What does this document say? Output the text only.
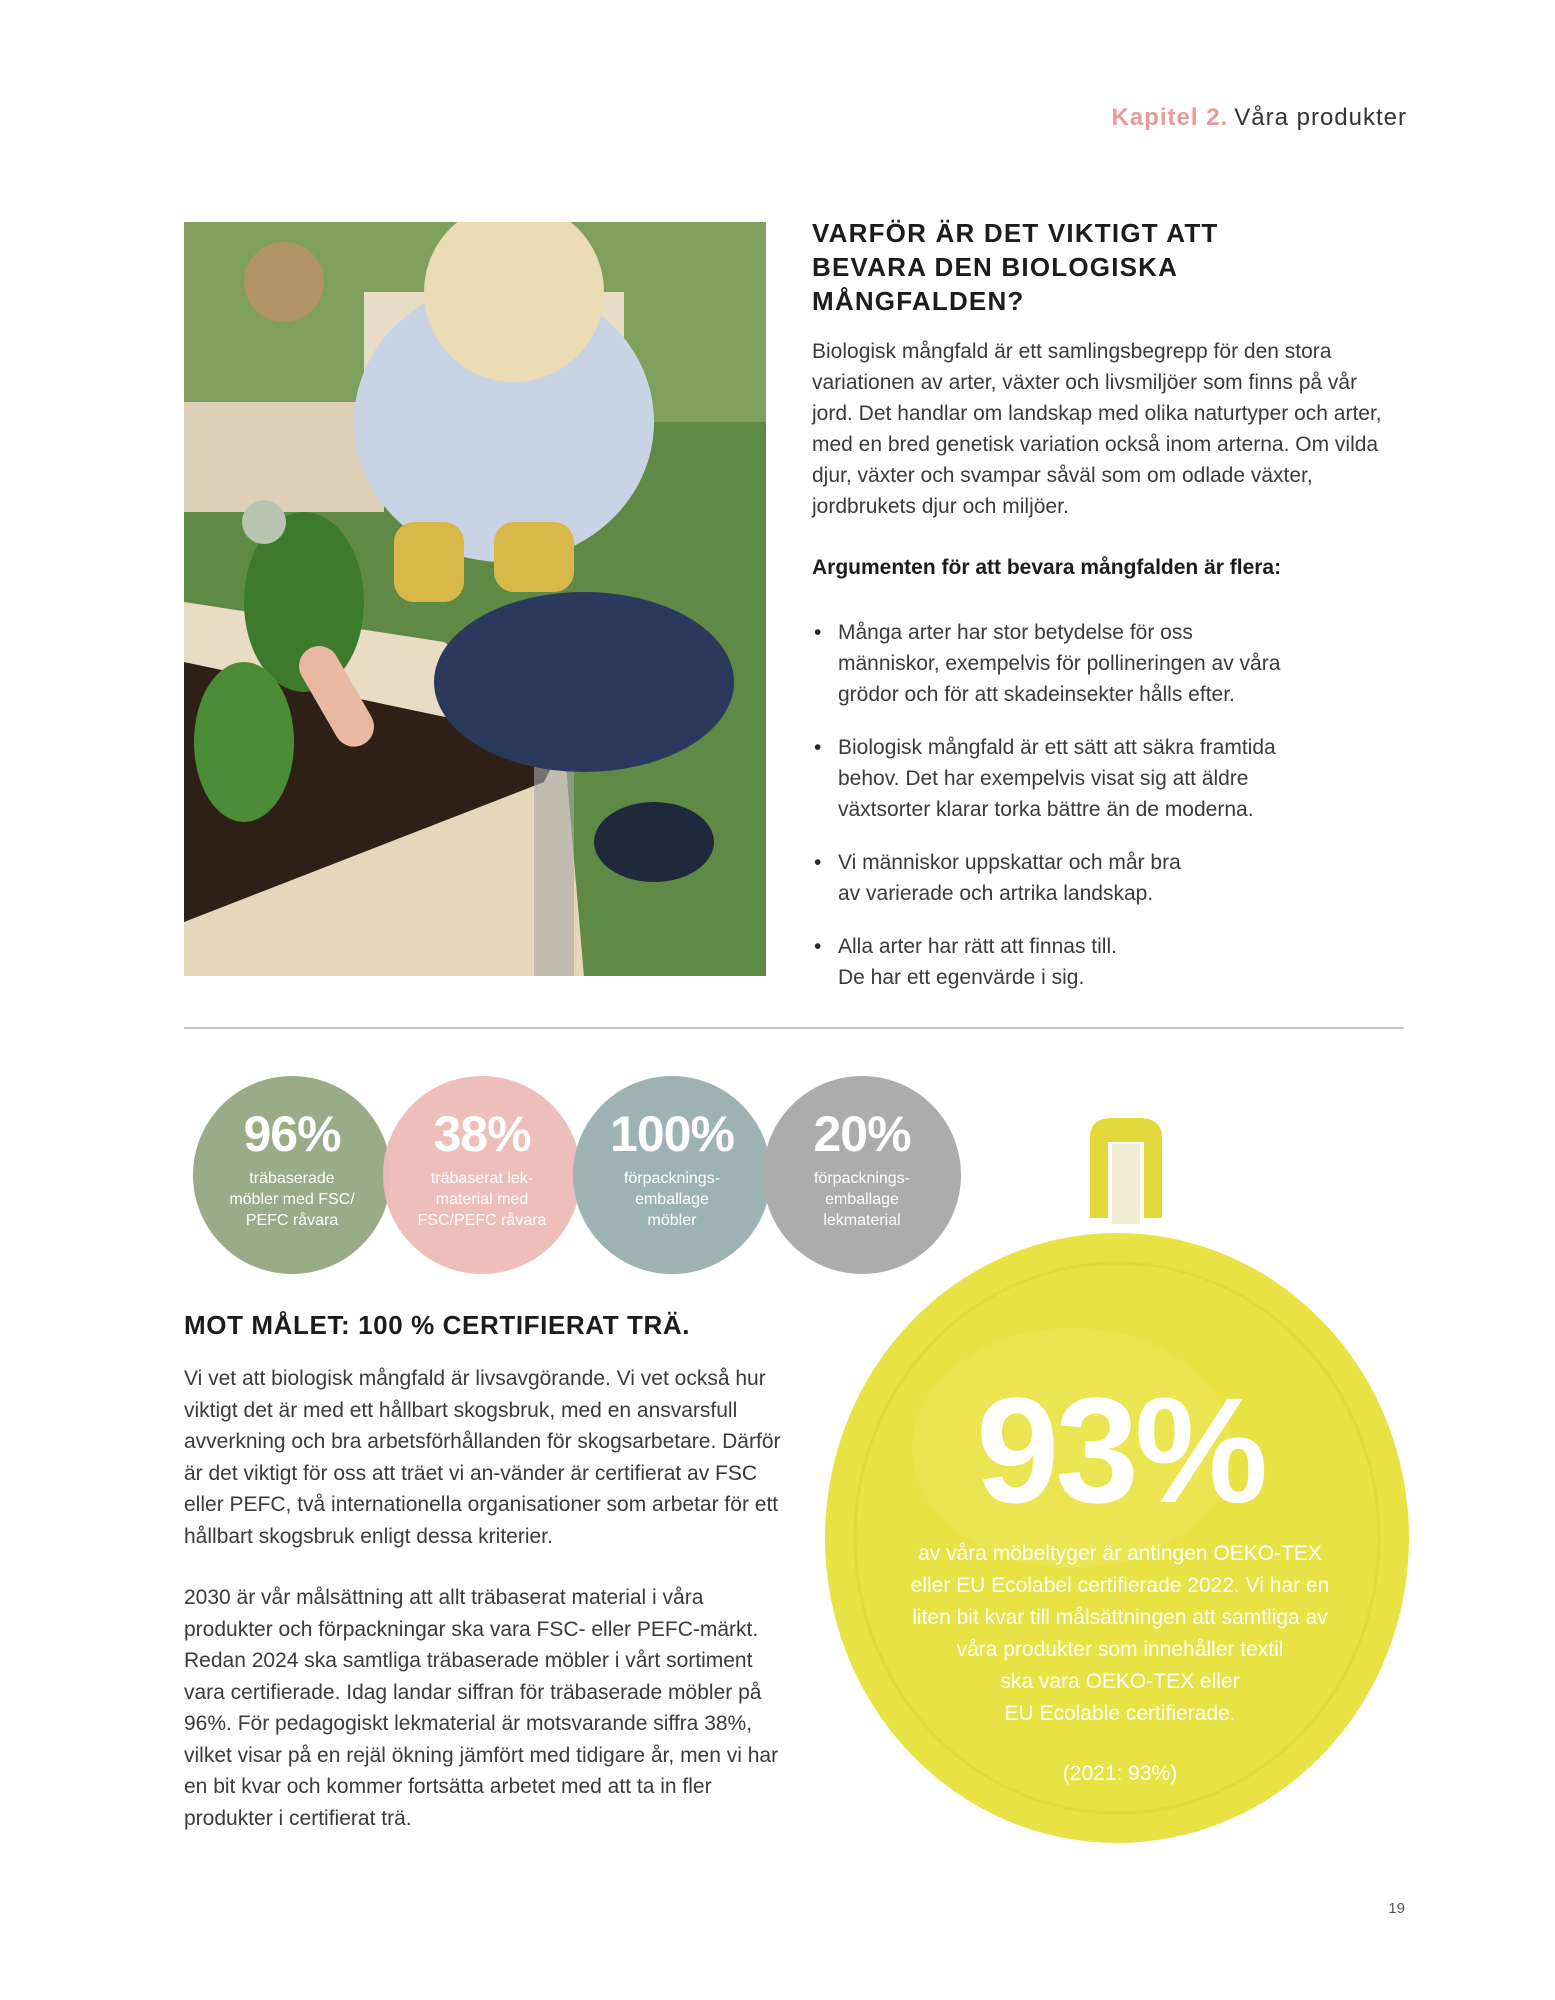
Kapitel 2. Våra produkter
VARFÖR ÄR DET VIKTIGT ATT
BEVARA DEN BIOLOGISKA MÅNGFALDEN?

Biologisk mångfald är ett samlingsbegrepp för den stora variationen av arter, växter och livsmiljöer som finns på vår jord. Det handlar om landskap med olika naturtyper och arter, med en bred genetisk variation också inom arterna. Om vilda djur, växter och svampar såväl som om odlade växter, jordbrukets djur och miljöer.

Argumenten för att bevara mångfalden är flera:

• Många arter har stor betydelse för oss
människor, exempelvis för pollineringen av våra
grödor och för att skadeinsekter hålls efter.
• Biologisk mångfald är ett sätt att säkra framtida
behov. Det har exempelvis visat sig att äldre
växtsorter klarar torka bättre än de moderna.
• Vi människor uppskattar och mår bra
av varierade och artrika landskap.
• Alla arter har rätt att finnas till.
De har ett egenvärde i sig.
96%
träbaserade
möbler med FSC/
PEFC råvara
38%
träbaserat lek-
material med
FSC/PEFC råvara
100%
förpacknings-
emballage
möbler
20%
förpacknings-
emballage
lekmaterial
MOT MÅLET: 100 % CERTIFIERAT TRÄ.

Vi vet att biologisk mångfald är livsavgörande. Vi vet också hur viktigt det är med ett hållbart skogsbruk, med en ansvarsfull avverkning och bra arbetsförhållanden för skogsarbetare. Därför är det viktigt för oss att träet vi an-vänder är certifierat av FSC eller PEFC, två internationella organisationer som arbetar för ett hållbart skogsbruk enligt dessa kriterier.

2030 är vår målsättning att allt träbaserat material i våra produkter och förpackningar ska vara FSC- eller PEFC-märkt. Redan 2024 ska samtliga träbaserade möbler i vårt sortiment vara certifierade. Idag landar siffran för träbaserade möbler på 96%. För pedagogiskt lekmaterial är motsvarande siffra 38%, vilket visar på en rejäl ökning jämfört med tidigare år, men vi har en bit kvar och kommer fortsätta arbetet med att ta in fler produkter i certifierat trä.

93%
av våra möbeltyger är antingen OEKO-TEX
eller EU Ecolabel certifierade 2022. Vi har en
liten bit kvar till målsättningen att samtliga av
våra produkter som innehåller textil
ska vara OEKO-TEX eller
EU Ecolable certifierade.
(2021: 93%)
19
